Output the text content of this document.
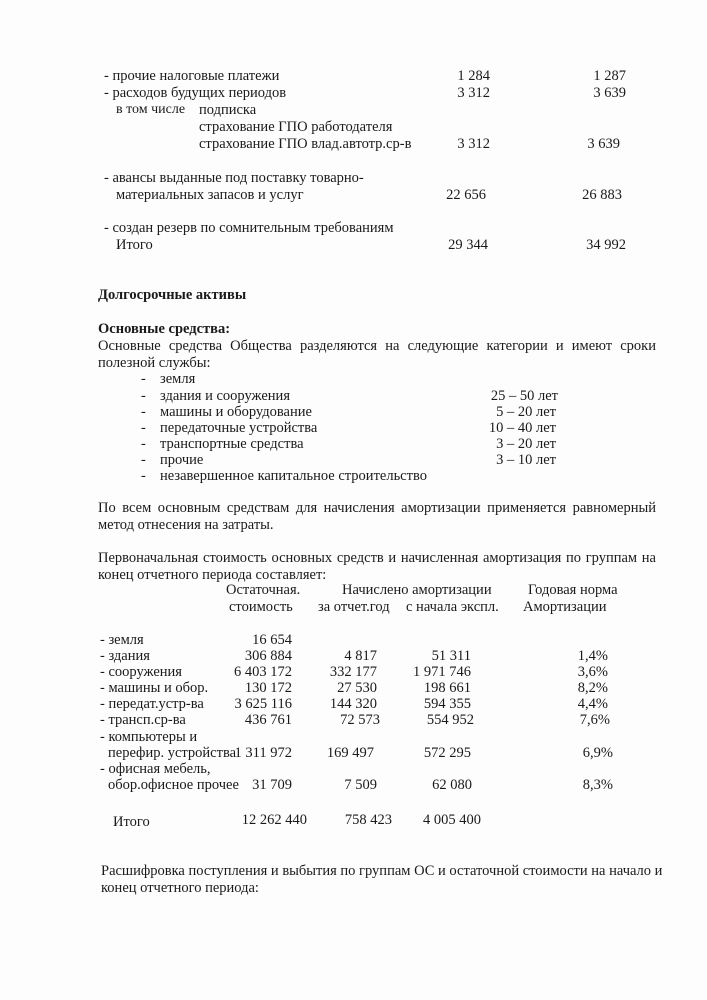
- прочие налоговые платежи	1 284	1 287
- расходов будущих периодов	3 312	3 639
в том числе подписка
страхование ГПО работодателя
страхование ГПО влад.автотр.ср-в	3 312	3 639
- авансы выданные под поставку товарно-
материальных запасов и услуг	22 656	26 883
- создан резерв по сомнительным требованиям
Итого	29 344	34 992
Долгосрочные активы
Основные средства:
Основные средства Общества разделяются на следующие категории и имеют сроки
полезной службы:
- земля
- здания и сооружения	25 – 50 лет
- машины и оборудование	5 – 20 лет
- передаточные устройства	10 – 40 лет
- транспортные средства	3 – 20 лет
- прочие	3 – 10 лет
- незавершенное капитальное строительство
По всем основным средствам для начисления амортизации применяется равномерный
метод отнесения на затраты.
Первоначальная стоимость основных средств и начисленная амортизация по группам на
конец отчетного периода составляет:
Остаточная.
стоимость
Начислено амортизации
за отчет.год с начала экспл.
Годовая норма
Амортизации
- земля	16 654
- здания	306 884	4 817	51 311	1,4%
- сооружения	6 403 172	332 177	1 971 746	3,6%
- машины и обор.	130 172	27 530	198 661	8,2%
- передат.устр-ва	3 625 116	144 320	594 355	4,4%
- трансп.ср-ва	436 761	72 573	554 952	7,6%
- компьютеры и
перефир. устройства
1 311 972	169 497	572 295	6,9%
- офисная мебель,
обор.офисное прочее 31 709	7 509	62 080	8,3%
Итого	12 262 440	758 423	4 005 400
Расшифровка поступления и выбытия по группам ОС и остаточной стоимости на начало и
конец отчетного периода:
